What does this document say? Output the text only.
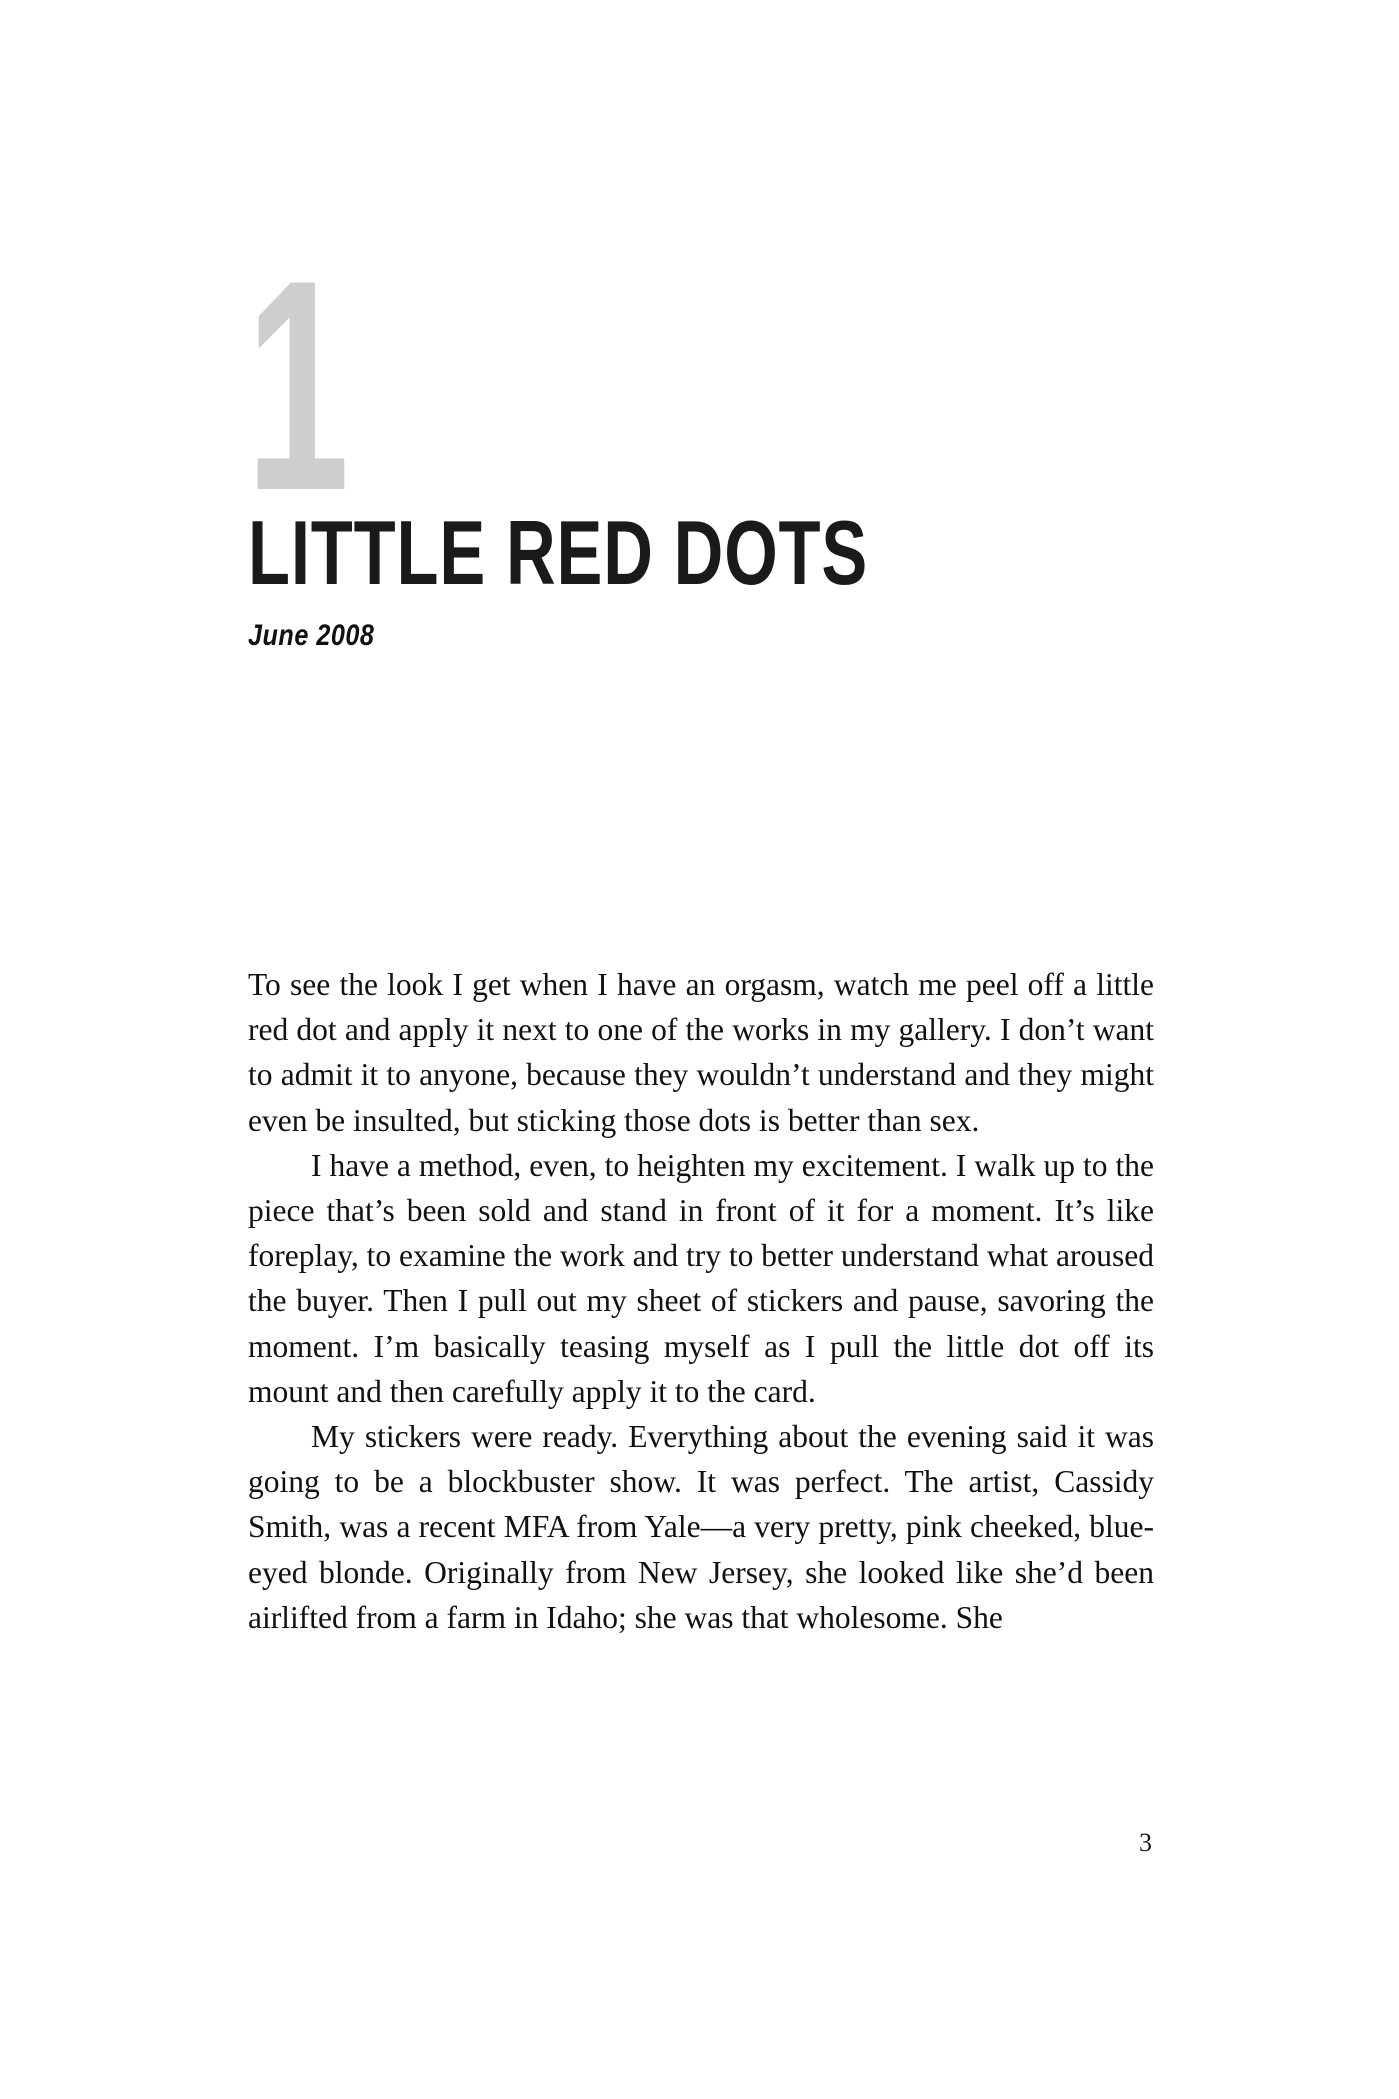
1
LITTLE RED DOTS
June 2008

To see the look I get when I have an orgasm, watch me peel off a little red dot and apply it next to one of the works in my gallery. I don’t want to admit it to anyone, because they wouldn’t understand and they might even be insulted, but sticking those dots is better than sex.

I have a method, even, to heighten my excitement. I walk up to the piece that’s been sold and stand in front of it for a moment. It’s like foreplay, to examine the work and try to better understand what aroused the buyer. Then I pull out my sheet of stickers and pause, savoring the moment. I’m basically teasing myself as I pull the little dot off its mount and then carefully apply it to the card.

My stickers were ready. Everything about the evening said it was going to be a blockbuster show. It was perfect. The artist, Cassidy Smith, was a recent MFA from Yale—a very pretty, pink cheeked, blue-eyed blonde. Originally from New Jersey, she looked like she’d been airlifted from a farm in Idaho; she was that wholesome. She

3
